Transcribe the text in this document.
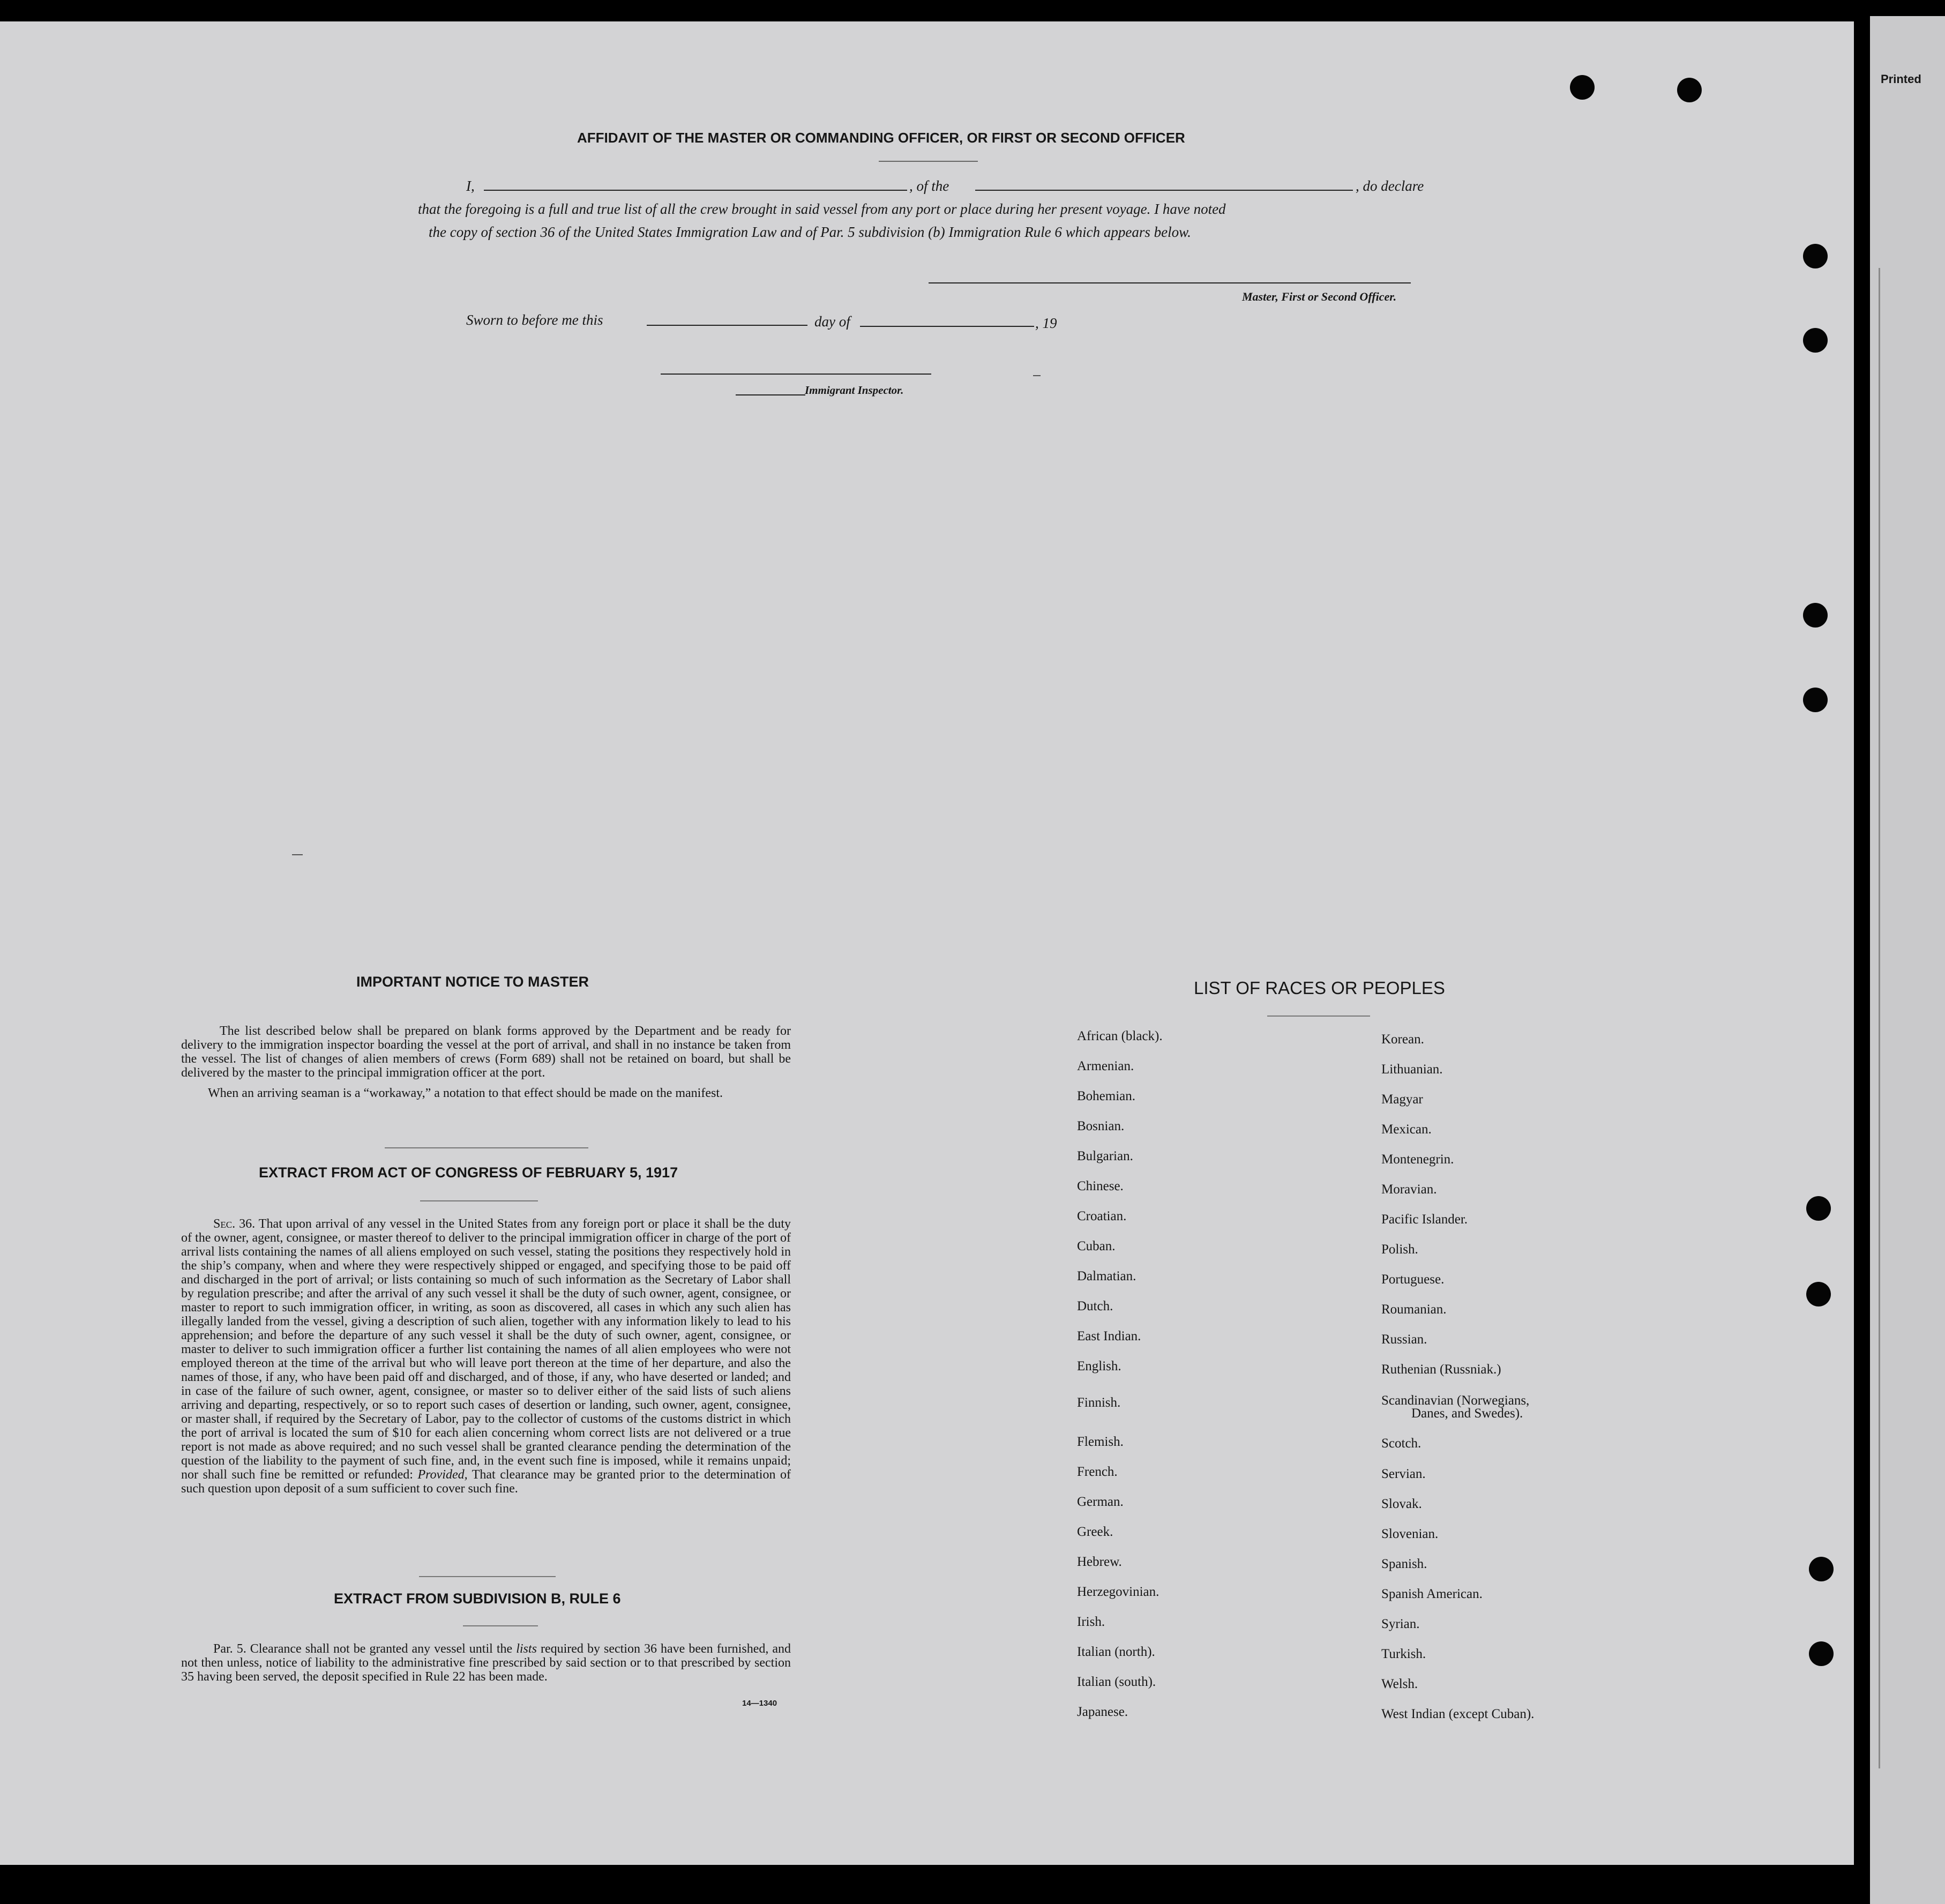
Printed
AFFIDAVIT OF THE MASTER OR COMMANDING OFFICER, OR FIRST OR SECOND OFFICER
I,	, of the	, do declare
that the foregoing is a full and true list of all the crew brought in said vessel from any port or place during her present voyage. I have noted
the copy of section 36 of the United States Immigration Law and of Par. 5 subdivision (b) Immigration Rule 6 which appears below.
Master, First or Second Officer.
Sworn to before me this	day of	, 19
Immigrant Inspector.
IMPORTANT NOTICE TO MASTER

The list described below shall be prepared on blank forms approved by the Department and be ready for delivery to the immigration inspector boarding the vessel at the port of arrival, and shall in no instance be taken from the vessel. The list of changes of alien members of crews (Form 689) shall not be retained on board, but shall be delivered by the master to the principal immigration officer at the port.

When an arriving seaman is a “workaway,” a notation to that effect should be made on the manifest.

EXTRACT FROM ACT OF CONGRESS OF FEBRUARY 5, 1917

Sec. 36. That upon arrival of any vessel in the United States from any foreign port or place it shall be the duty of the owner, agent, consignee, or master thereof to deliver to the principal immigration officer in charge of the port of arrival lists containing the names of all aliens employed on such vessel, stating the positions they respectively hold in the ship’s company, when and where they were respectively shipped or engaged, and specifying those to be paid off and discharged in the port of arrival; or lists containing so much of such information as the Secretary of Labor shall by regulation prescribe; and after the arrival of any such vessel it shall be the duty of such owner, agent, consignee, or master to report to such immigration officer, in writing, as soon as discovered, all cases in which any such alien has illegally landed from the vessel, giving a description of such alien, together with any information likely to lead to his apprehension; and before the departure of any such vessel it shall be the duty of such owner, agent, consignee, or master to deliver to such immigration officer a further list containing the names of all alien employees who were not employed thereon at the time of the arrival but who will leave port thereon at the time of her departure, and also the names of those, if any, who have been paid off and discharged, and of those, if any, who have deserted or landed; and in case of the failure of such owner, agent, consignee, or master so to deliver either of the said lists of such aliens arriving and departing, respectively, or so to report such cases of desertion or landing, such owner, agent, consignee, or master shall, if required by the Secretary of Labor, pay to the collector of customs of the customs district in which the port of arrival is located the sum of $10 for each alien concerning whom correct lists are not delivered or a true report is not made as above required; and no such vessel shall be granted clearance pending the determination of the question of the liability to the payment of such fine, and, in the event such fine is imposed, while it remains unpaid; nor shall such fine be remitted or refunded: Provided, That clearance may be granted prior to the determination of such question upon deposit of a sum sufficient to cover such fine.

EXTRACT FROM SUBDIVISION B, RULE 6

Par. 5. Clearance shall not be granted any vessel until the lists required by section 36 have been furnished, and not then unless, notice of liability to the administrative fine prescribed by said section or to that prescribed by section 35 having been served, the deposit specified in Rule 22 has been made.

14—1340
LIST OF RACES OR PEOPLES
African (black).
Armenian.
Bohemian.
Bosnian.
Bulgarian.
Chinese.
Croatian.
Cuban.
Dalmatian.
Dutch.
East Indian.
English.
Finnish.
Flemish.
French.
German.
Greek.
Hebrew.
Herzegovinian.
Irish.
Italian (north).
Italian (south).
Japanese.
Korean.
Lithuanian.
Magyar
Mexican.
Montenegrin.
Moravian.
Pacific Islander.
Polish.
Portuguese.
Roumanian.
Russian.
Ruthenian (Russniak.)
Scandinavian (Norwegians,
Scotch.
Servian.
Slovak.
Slovenian.
Spanish.
Spanish American.
Syrian.
Turkish.
Welsh.
West Indian (except Cuban).
Danes, and Swedes).
